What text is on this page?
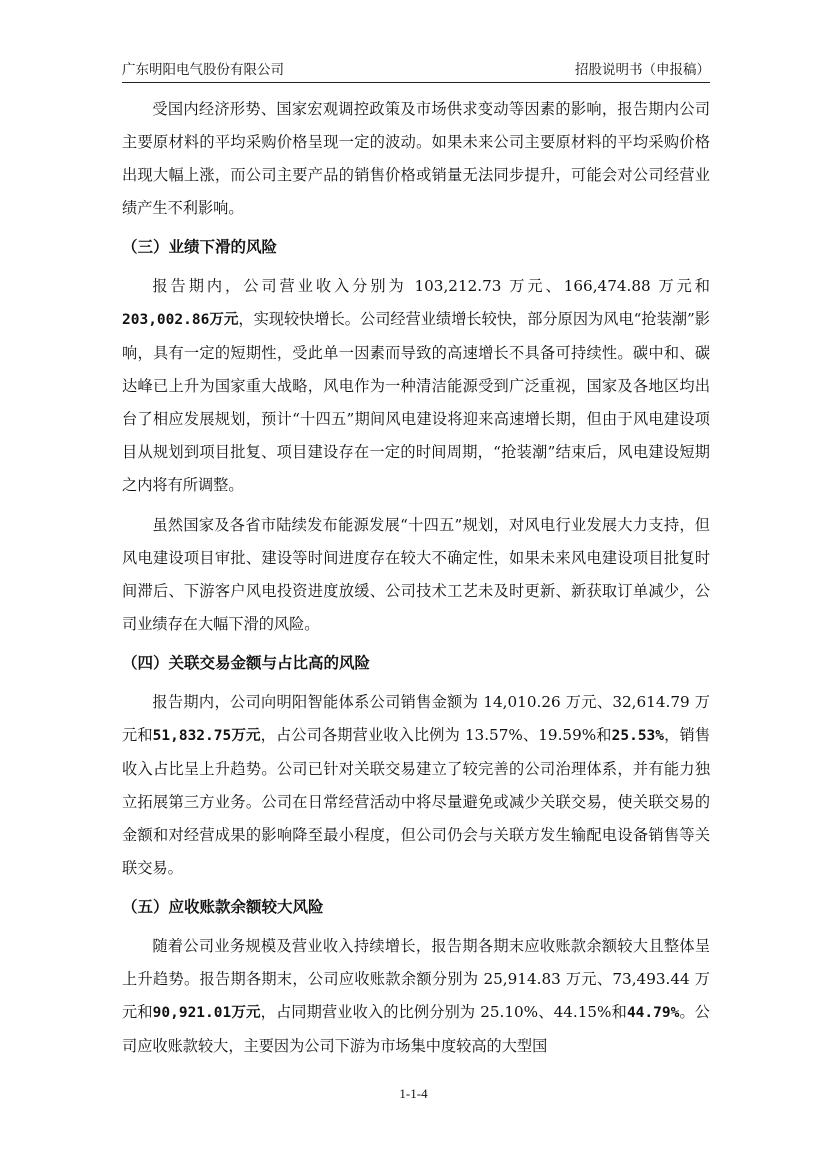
广东明阳电气股份有限公司	招股说明书（申报稿）

受国内经济形势、国家宏观调控政策及市场供求变动等因素的影响，报告期内公司主要原材料的平均采购价格呈现一定的波动。如果未来公司主要原材料的平均采购价格出现大幅上涨，而公司主要产品的销售价格或销量无法同步提升，可能会对公司经营业绩产生不利影响。

（三）业绩下滑的风险

报告期内，公司营业收入分别为 103,212.73 万元、166,474.88 万元和203,002.86万元，实现较快增长。公司经营业绩增长较快，部分原因为风电“抢装潮”影响，具有一定的短期性，受此单一因素而导致的高速增长不具备可持续性。碳中和、碳达峰已上升为国家重大战略，风电作为一种清洁能源受到广泛重视，国家及各地区均出台了相应发展规划，预计“十四五”期间风电建设将迎来高速增长期，但由于风电建设项目从规划到项目批复、项目建设存在一定的时间周期，“抢装潮”结束后，风电建设短期之内将有所调整。

虽然国家及各省市陆续发布能源发展“十四五”规划，对风电行业发展大力支持，但风电建设项目审批、建设等时间进度存在较大不确定性，如果未来风电建设项目批复时间滞后、下游客户风电投资进度放缓、公司技术工艺未及时更新、新获取订单减少，公司业绩存在大幅下滑的风险。

（四）关联交易金额与占比高的风险

报告期内，公司向明阳智能体系公司销售金额为 14,010.26 万元、32,614.79 万元和51,832.75万元，占公司各期营业收入比例为 13.57%、19.59%和25.53%，销售收入占比呈上升趋势。公司已针对关联交易建立了较完善的公司治理体系，并有能力独立拓展第三方业务。公司在日常经营活动中将尽量避免或减少关联交易，使关联交易的金额和对经营成果的影响降至最小程度，但公司仍会与关联方发生输配电设备销售等关联交易。

（五）应收账款余额较大风险

随着公司业务规模及营业收入持续增长，报告期各期末应收账款余额较大且整体呈上升趋势。报告期各期末，公司应收账款余额分别为 25,914.83 万元、73,493.44 万元和90,921.01万元，占同期营业收入的比例分别为 25.10%、44.15%和44.79%。公司应收账款较大，主要因为公司下游为市场集中度较高的大型国

1-1-4
